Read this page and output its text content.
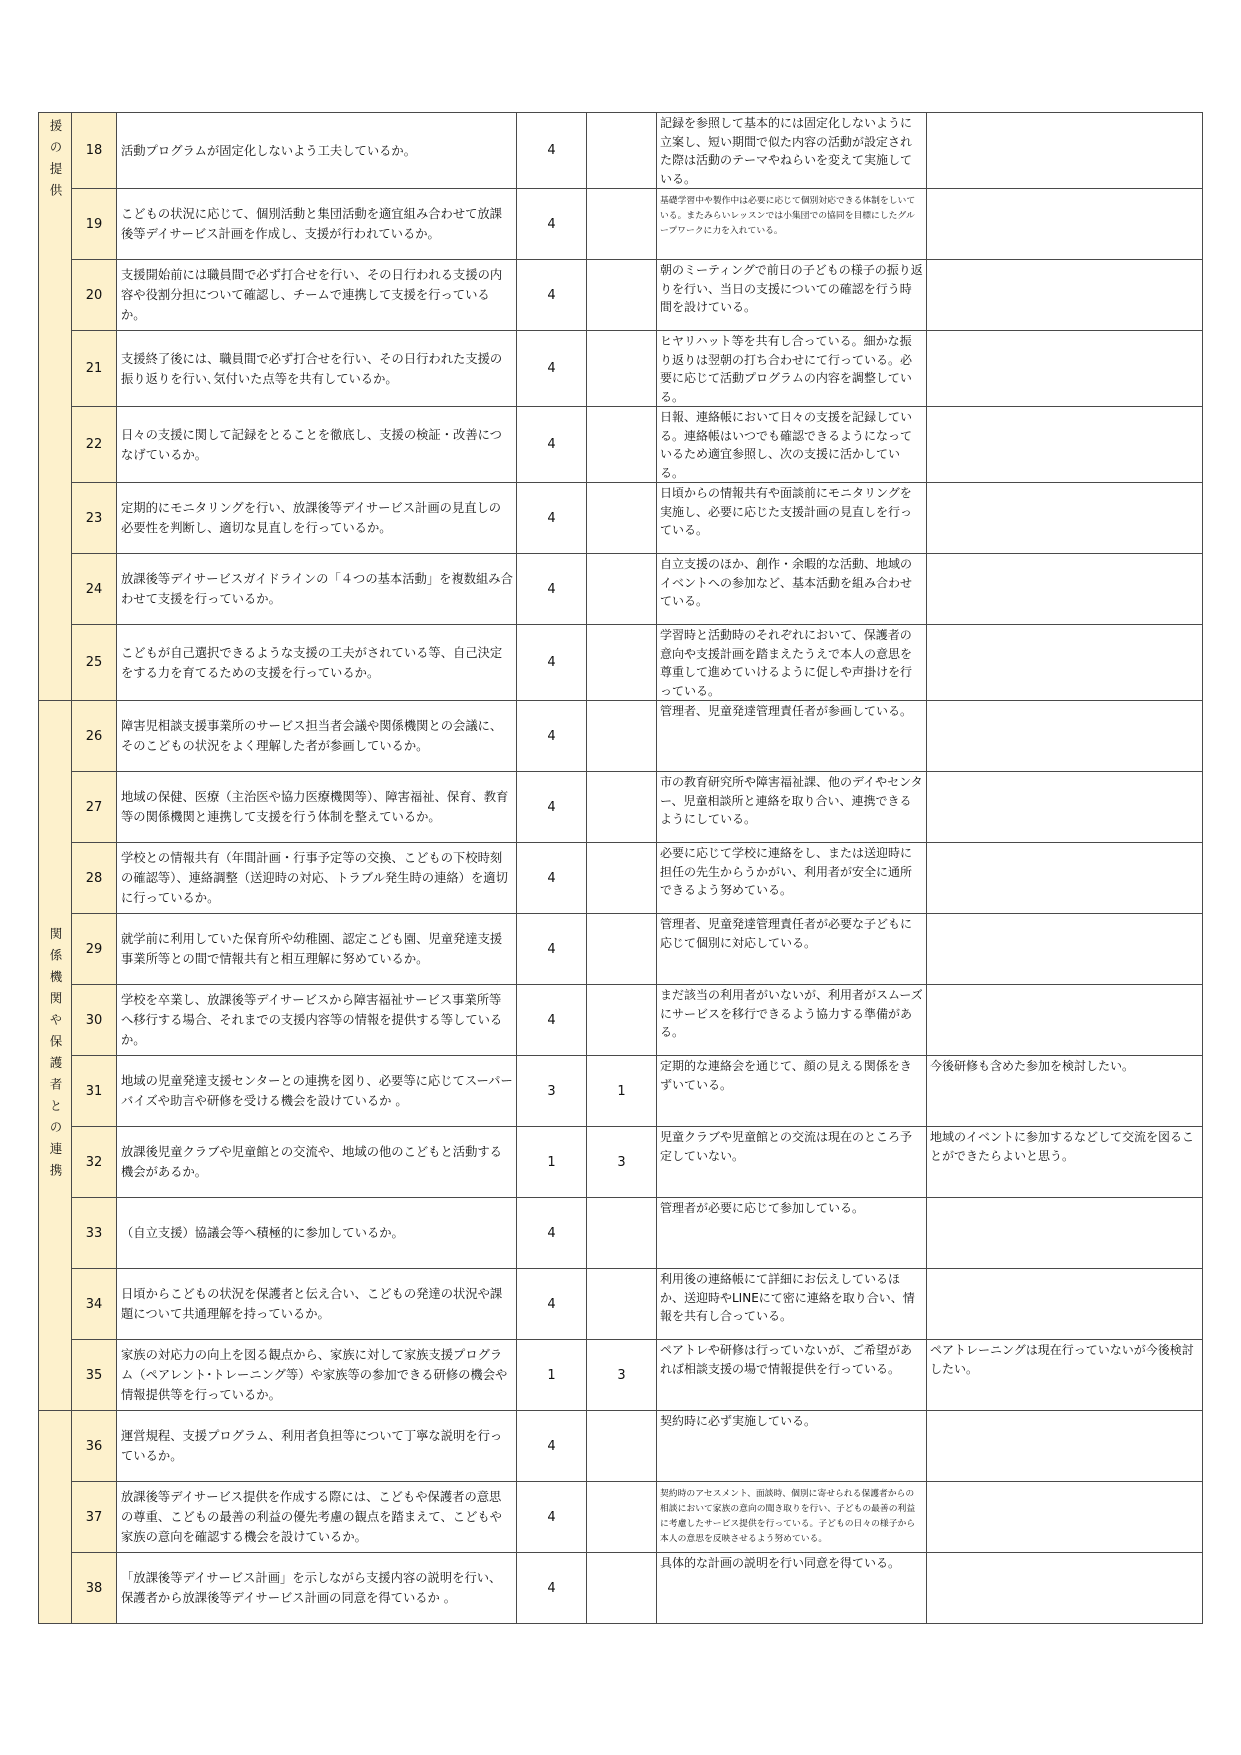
援の提供	18	活動プログラムが固定化しないよう工夫しているか。	4		記録を参照して基本的には固定化しないように立案し、短い期間で似た内容の活動が設定された際は活動のテーマやねらいを変えて実施している。	
	19	こどもの状況に応じて、個別活動と集団活動を適宜組み合わせて放課後等デイサービス計画を作成し、支援が行われているか。	4		基礎学習中や製作中は必要に応じて個別対応できる体制をしいている。またみらいレッスンでは小集団での協同を目標にしたグループワークに力を入れている。	
	20	支援開始前には職員間で必ず打合せを行い、その日行われる支援の内容や役割分担について確認し、チームで連携して支援を行っているか。	4		朝のミーティングで前日の子どもの様子の振り返りを行い、当日の支援についての確認を行う時間を設けている。	
	21	支援終了後には、職員間で必ず打合せを行い、その日行われた支援の振り返りを行い､気付いた点等を共有しているか。	4		ヒヤリハット等を共有し合っている。細かな振り返りは翌朝の打ち合わせにて行っている。必要に応じて活動プログラムの内容を調整している。	
	22	日々の支援に関して記録をとることを徹底し、支援の検証・改善につなげているか。	4		日報、連絡帳において日々の支援を記録している。連絡帳はいつでも確認できるようになっているため適宜参照し、次の支援に活かしている。	
	23	定期的にモニタリングを行い、放課後等デイサービス計画の見直しの必要性を判断し、適切な見直しを行っているか。	4		日頃からの情報共有や面談前にモニタリングを実施し、必要に応じた支援計画の見直しを行っている。	
	24	放課後等デイサービスガイドラインの「４つの基本活動」を複数組み合わせて支援を行っているか。	4		自立支援のほか、創作・余暇的な活動、地域のイベントへの参加など、基本活動を組み合わせている。	
	25	こどもが自己選択できるような支援の工夫がされている等、自己決定をする力を育てるための支援を行っているか。	4		学習時と活動時のそれぞれにおいて、保護者の意向や支援計画を踏まえたうえで本人の意思を尊重して進めていけるように促しや声掛けを行っている。	

関係機関や保護者との連携	26	障害児相談支援事業所のサービス担当者会議や関係機関との会議に、そのこどもの状況をよく理解した者が参画しているか。	4		管理者、児童発達管理責任者が参画している。	
	27	地域の保健、医療（主治医や協力医療機関等）、障害福祉、保育、教育等の関係機関と連携して支援を行う体制を整えているか。	4		市の教育研究所や障害福祉課、他のデイやセンター、児童相談所と連絡を取り合い、連携できるようにしている。	
	28	学校との情報共有（年間計画・行事予定等の交換、こどもの下校時刻の確認等）、連絡調整（送迎時の対応、トラブル発生時の連絡）を適切に行っているか。	4		必要に応じて学校に連絡をし、または送迎時に担任の先生からうかがい、利用者が安全に通所できるよう努めている。	
	29	就学前に利用していた保育所や幼稚園、認定こども園、児童発達支援事業所等との間で情報共有と相互理解に努めているか。	4		管理者、児童発達管理責任者が必要な子どもに応じて個別に対応している。	
	30	学校を卒業し、放課後等デイサービスから障害福祉サービス事業所等へ移行する場合、それまでの支援内容等の情報を提供する等しているか。	4		まだ該当の利用者がいないが、利用者がスムーズにサービスを移行できるよう協力する準備がある。	
	31	地域の児童発達支援センターとの連携を図り、必要等に応じてスーパーバイズや助言や研修を受ける機会を設けているか 。	3	1	定期的な連絡会を通じて、顔の見える関係をきずいている。	今後研修も含めた参加を検討したい。
	32	放課後児童クラブや児童館との交流や、地域の他のこどもと活動する機会があるか。	1	3	児童クラブや児童館との交流は現在のところ予定していない。	地域のイベントに参加するなどして交流を図ることができたらよいと思う。
	33	（自立支援）協議会等へ積極的に参加しているか。	4		管理者が必要に応じて参加している。	
	34	日頃からこどもの状況を保護者と伝え合い、こどもの発達の状況や課題について共通理解を持っているか。	4		利用後の連絡帳にて詳細にお伝えしているほか、送迎時やLINEにて密に連絡を取り合い、情報を共有し合っている。	
	35	家族の対応力の向上を図る観点から、家族に対して家族支援プログラム（ペアレント･トレーニング等）や家族等の参加できる研修の機会や情報提供等を行っているか。	1	3	ペアトレや研修は行っていないが、ご希望があれば相談支援の場で情報提供を行っている。	ペアトレーニングは現在行っていないが今後検討したい。
	36	運営規程、支援プログラム、利用者負担等について丁寧な説明を行っているか。	4		契約時に必ず実施している。	
	37	放課後等デイサービス提供を作成する際には、こどもや保護者の意思の尊重、こどもの最善の利益の優先考慮の観点を踏まえて、こどもや家族の意向を確認する機会を設けているか。	4		契約時のアセスメント、面談時、個別に寄せられる保護者からの相談において家族の意向の聞き取りを行い、子どもの最善の利益に考慮したサービス提供を行っている。子どもの日々の様子から本人の意思を反映させるよう努めている。	
	38	「放課後等デイサービス計画」を示しながら支援内容の説明を行い、保護者から放課後等デイサービス計画の同意を得ているか 。	4		具体的な計画の説明を行い同意を得ている。	
